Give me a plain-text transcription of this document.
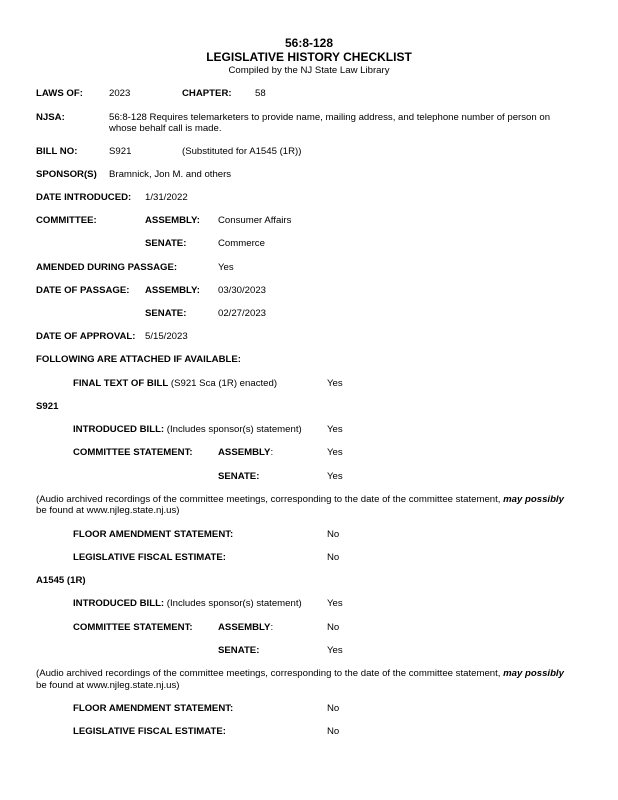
56:8-128
LEGISLATIVE HISTORY CHECKLIST
Compiled by the NJ State Law Library
LAWS OF:	2023	CHAPTER: 58
NJSA:	56:8-128 Requires telemarketers to provide name, mailing address, and telephone number of person on
whose behalf call is made.
BILL NO:	S921	(Substituted for A1545 (1R))
SPONSOR(S) Bramnick, Jon M. and others
DATE INTRODUCED: 1/31/2022
COMMITTEE:	ASSEMBLY: Consumer Affairs
SENATE:	Commerce
AMENDED DURING PASSAGE:	Yes
DATE OF PASSAGE: ASSEMBLY: 03/30/2023
SENATE:	02/27/2023
DATE OF APPROVAL: 5/15/2023
FOLLOWING ARE ATTACHED IF AVAILABLE:
FINAL TEXT OF BILL (S921 Sca (1R) enacted)	Yes
S921
INTRODUCED BILL: (Includes sponsor(s) statement)	Yes
COMMITTEE STATEMENT:	ASSEMBLY:	Yes
SENATE:	Yes
(Audio archived recordings of the committee meetings, corresponding to the date of the committee statement, may possibly
be found at www.njleg.state.nj.us)
FLOOR AMENDMENT STATEMENT:	No
LEGISLATIVE FISCAL ESTIMATE:	No
A1545 (1R)
INTRODUCED BILL: (Includes sponsor(s) statement)	Yes
COMMITTEE STATEMENT:	ASSEMBLY:	No
SENATE:	Yes
(Audio archived recordings of the committee meetings, corresponding to the date of the committee statement, may possibly
be found at www.njleg.state.nj.us)
FLOOR AMENDMENT STATEMENT:	No
LEGISLATIVE FISCAL ESTIMATE:	No
